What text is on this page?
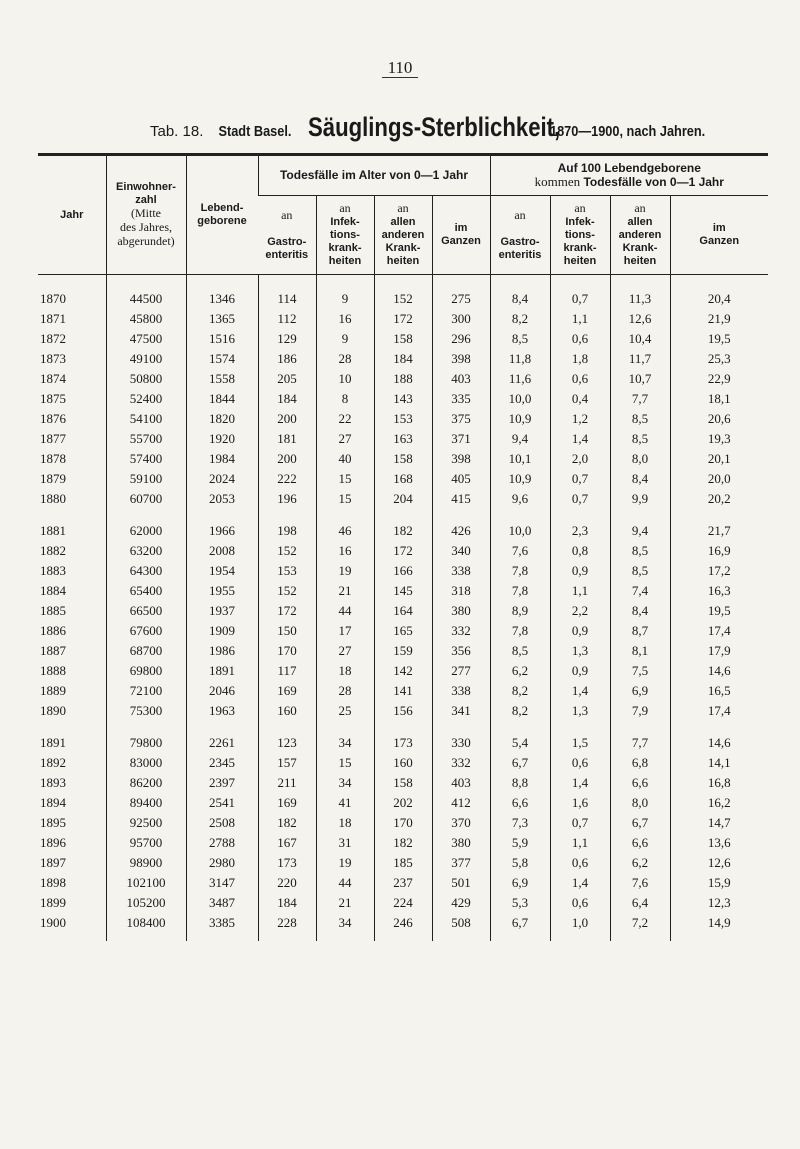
110
Tab. 18. Stadt Basel. Säuglings-Sterblichkeit, 1870—1900, nach Jahren.
Jahr	Einwohner-
zahl
(Mitte
des Jahres,
abgerundet)	Lebend-
geborene	Todesfälle im Alter von 0—1 Jahr				Auf 100 Lebendgeborene
kommen Todesfälle von 0—1 Jahr			
			an

Gastro-
enteritis	an
Infek-
tions-
krank-
heiten	an
allen
anderen
Krank-
heiten	im
Ganzen	an

Gastro-
enteritis	an
Infek-
tions-
krank-
heiten	an
allen
anderen
Krank-
heiten	im
Ganzen
1870	44500	1346	114	9	152	275	8,4	0,7	11,3	20,4
1871	45800	1365	112	16	172	300	8,2	1,1	12,6	21,9
1872	47500	1516	129	9	158	296	8,5	0,6	10,4	19,5
1873	49100	1574	186	28	184	398	11,8	1,8	11,7	25,3
1874	50800	1558	205	10	188	403	11,6	0,6	10,7	22,9
1875	52400	1844	184	8	143	335	10,0	0,4	7,7	18,1
1876	54100	1820	200	22	153	375	10,9	1,2	8,5	20,6
1877	55700	1920	181	27	163	371	9,4	1,4	8,5	19,3
1878	57400	1984	200	40	158	398	10,1	2,0	8,0	20,1
1879	59100	2024	222	15	168	405	10,9	0,7	8,4	20,0
1880	60700	2053	196	15	204	415	9,6	0,7	9,9	20,2

1881	62000	1966	198	46	182	426	10,0	2,3	9,4	21,7
1882	63200	2008	152	16	172	340	7,6	0,8	8,5	16,9
1883	64300	1954	153	19	166	338	7,8	0,9	8,5	17,2
1884	65400	1955	152	21	145	318	7,8	1,1	7,4	16,3
1885	66500	1937	172	44	164	380	8,9	2,2	8,4	19,5
1886	67600	1909	150	17	165	332	7,8	0,9	8,7	17,4
1887	68700	1986	170	27	159	356	8,5	1,3	8,1	17,9
1888	69800	1891	117	18	142	277	6,2	0,9	7,5	14,6
1889	72100	2046	169	28	141	338	8,2	1,4	6,9	16,5
1890	75300	1963	160	25	156	341	8,2	1,3	7,9	17,4

1891	79800	2261	123	34	173	330	5,4	1,5	7,7	14,6
1892	83000	2345	157	15	160	332	6,7	0,6	6,8	14,1
1893	86200	2397	211	34	158	403	8,8	1,4	6,6	16,8
1894	89400	2541	169	41	202	412	6,6	1,6	8,0	16,2
1895	92500	2508	182	18	170	370	7,3	0,7	6,7	14,7
1896	95700	2788	167	31	182	380	5,9	1,1	6,6	13,6
1897	98900	2980	173	19	185	377	5,8	0,6	6,2	12,6
1898	102100	3147	220	44	237	501	6,9	1,4	7,6	15,9
1899	105200	3487	184	21	224	429	5,3	0,6	6,4	12,3
1900	108400	3385	228	34	246	508	6,7	1,0	7,2	14,9
